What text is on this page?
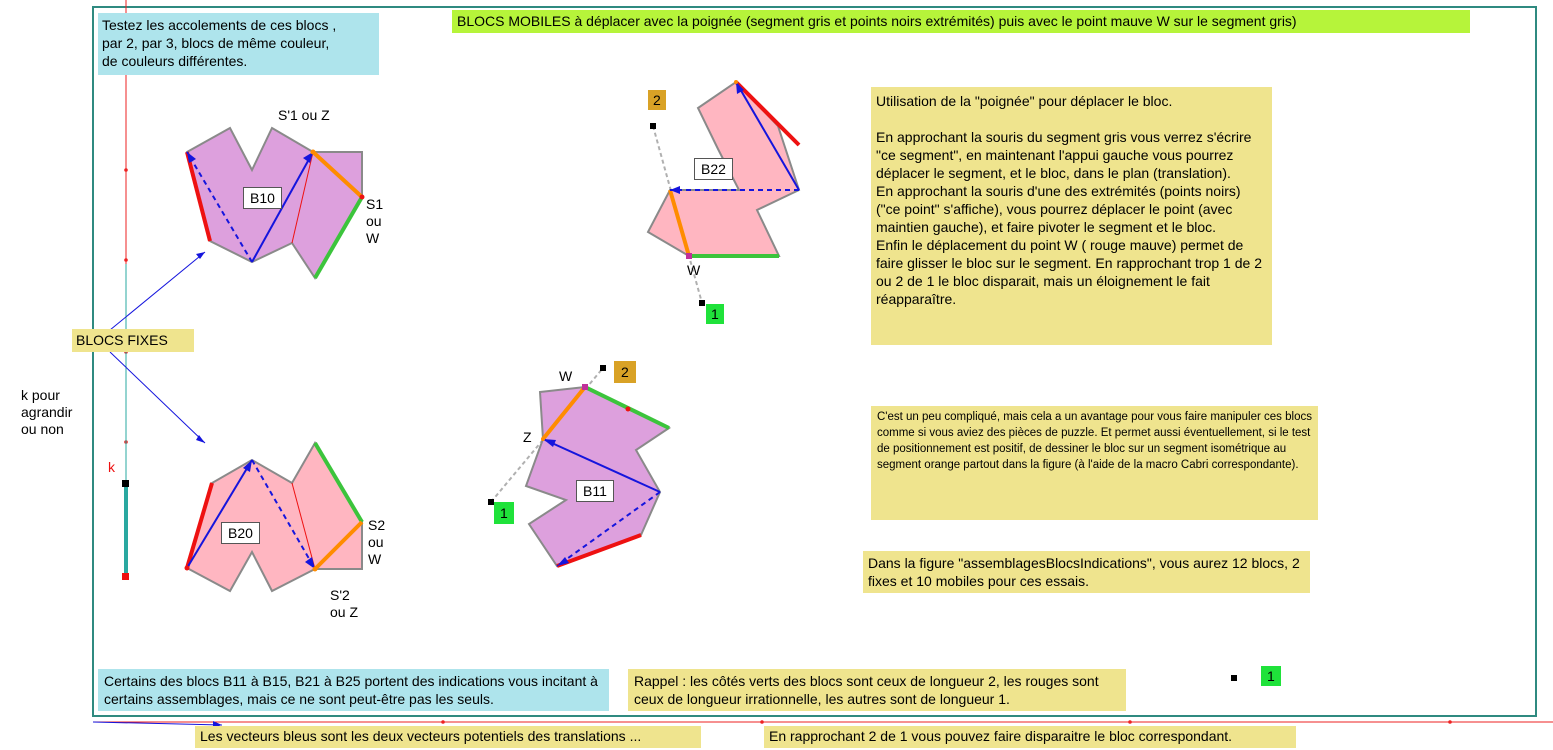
Testez les accolements de ces blocs ,
par 2, par 3, blocs de même couleur,
de couleurs différentes.
BLOCS MOBILES à déplacer avec la poignée (segment gris et points noirs extrémités) puis avec le point mauve W sur le segment gris)
BLOCS FIXES
k pour
agrandir
ou non
k
Utilisation de la "poignée" pour déplacer le bloc.

En approchant la souris du segment gris vous verrez s'écrire "ce segment", en maintenant l'appui gauche vous pourrez déplacer le segment, et le bloc, dans le plan (translation).
En approchant la souris d'une des extrémités (points noirs) ("ce point" s'affiche), vous pourrez déplacer le point (avec maintien gauche), et faire pivoter le segment et le bloc.
Enfin le déplacement du point W ( rouge mauve) permet de faire glisser le bloc sur le segment. En rapprochant trop 1 de 2 ou 2 de 1 le bloc disparait, mais un éloignement le fait réapparaître.
C'est un peu compliqué, mais cela a un avantage pour vous faire manipuler ces blocs comme si vous aviez des pièces de puzzle. Et permet aussi éventuellement, si le test de positionnement est positif, de dessiner le bloc sur un segment isométrique au segment orange partout dans la figure (à l'aide de la macro Cabri correspondante).
Dans la figure "assemblagesBlocsIndications", vous aurez 12 blocs, 2 fixes et 10 mobiles pour ces essais.
Certains des blocs B11 à B15, B21 à B25 portent des indications vous incitant à certains assemblages, mais ce ne sont peut-être pas les seuls.
Rappel : les côtés verts des blocs sont ceux de longueur 2, les rouges sont ceux de longueur irrationnelle, les autres sont de longueur 1.
Les vecteurs bleus sont les deux vecteurs potentiels des translations ...	En rapprochant 2 de 1 vous pouvez faire disparaitre le bloc correspondant.
B10
B20
B22
B11
S'1 ou Z
S1
ou
W
S2
ou
W
S'2
ou Z
W
W
Z
2
1
2
1
1
